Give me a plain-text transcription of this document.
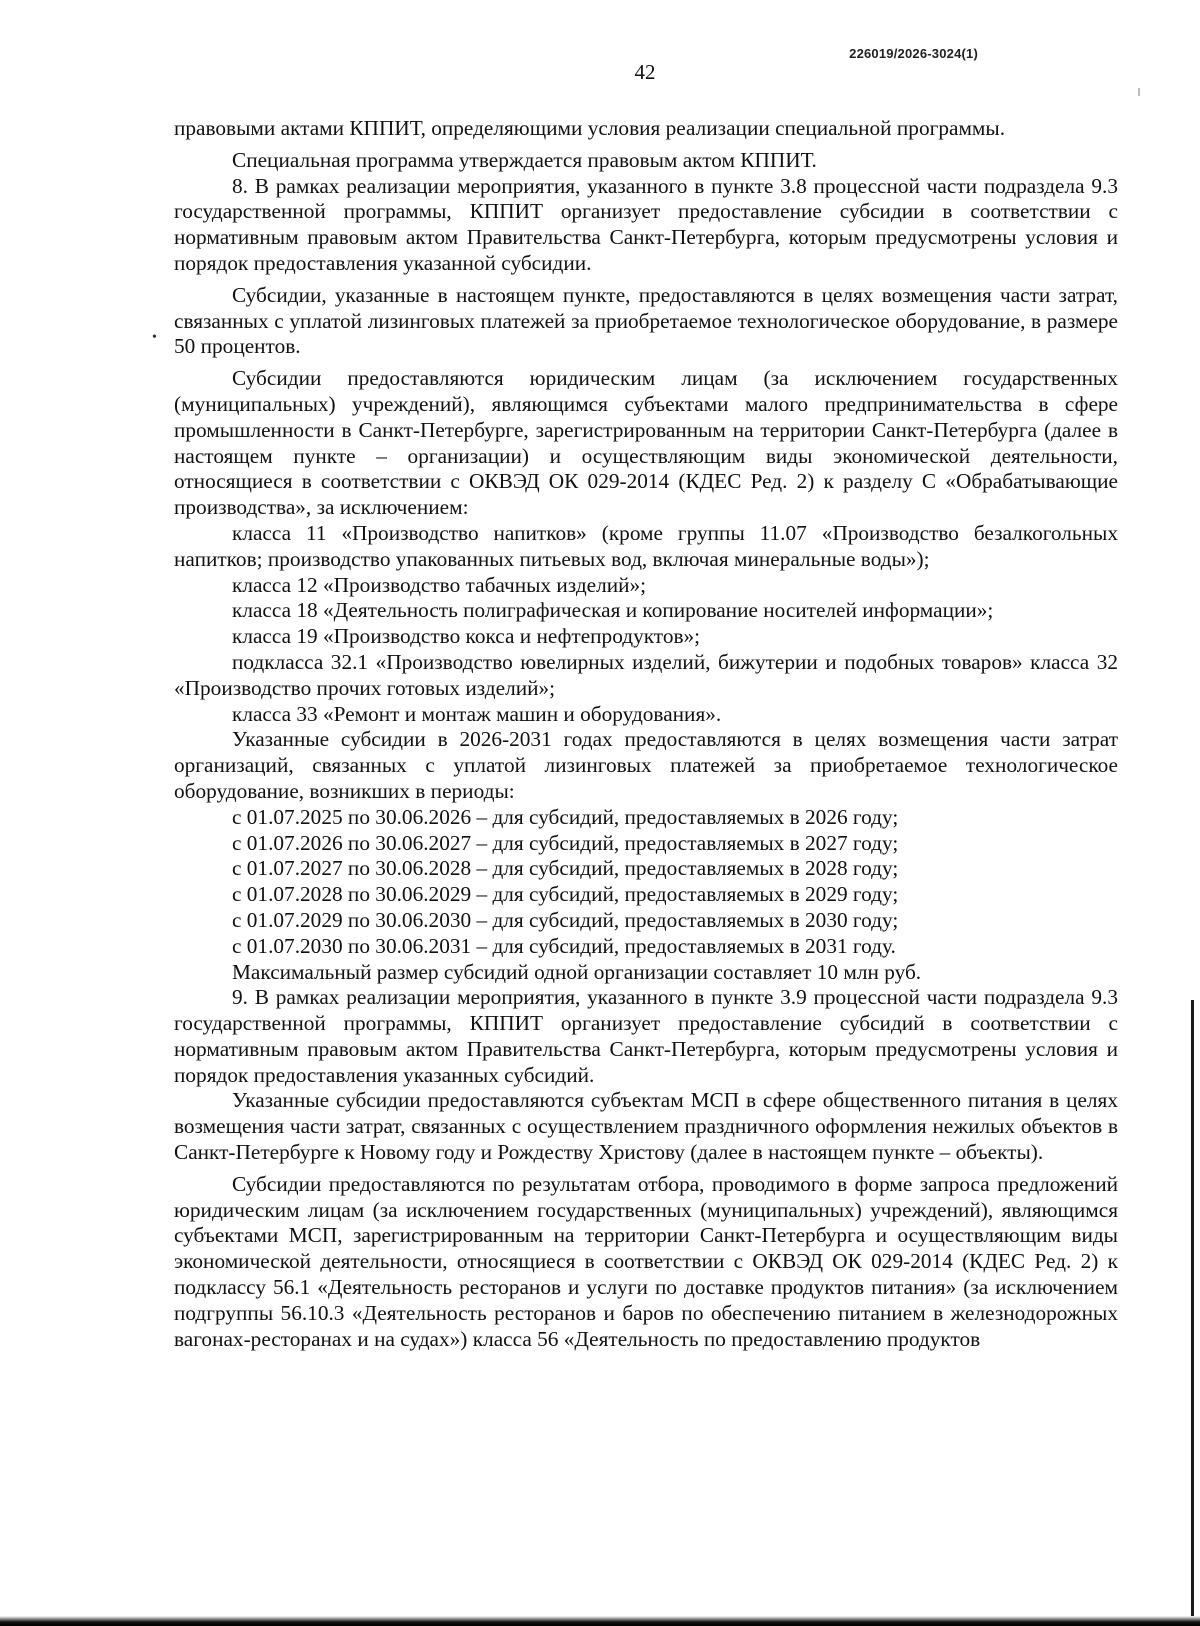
226019/2026-3024(1)
42
•

правовыми актами КППИТ, определяющими условия реализации специальной программы.

Специальная программа утверждается правовым актом КППИТ.

8. В рамках реализации мероприятия, указанного в пункте 3.8 процессной части подраздела 9.3 государственной программы, КППИТ организует предоставление субсидии в соответствии с нормативным правовым актом Правительства Санкт-Петербурга, которым предусмотрены условия и порядок предоставления указанной субсидии.

Субсидии, указанные в настоящем пункте, предоставляются в целях возмещения части затрат, связанных с уплатой лизинговых платежей за приобретаемое технологическое оборудование, в размере 50 процентов.

Субсидии предоставляются юридическим лицам (за исключением государственных (муниципальных) учреждений), являющимся субъектами малого предпринимательства в сфере промышленности в Санкт-Петербурге, зарегистрированным на территории Санкт-Петербурга (далее в настоящем пункте – организации) и осуществляющим виды экономической деятельности, относящиеся в соответствии с ОКВЭД ОК 029-2014 (КДЕС Ред. 2) к разделу С «Обрабатывающие производства», за исключением:

класса 11 «Производство напитков» (кроме группы 11.07 «Производство безалкогольных напитков; производство упакованных питьевых вод, включая минеральные воды»);

класса 12 «Производство табачных изделий»;

класса 18 «Деятельность полиграфическая и копирование носителей информации»;

класса 19 «Производство кокса и нефтепродуктов»;

подкласса 32.1 «Производство ювелирных изделий, бижутерии и подобных товаров» класса 32 «Производство прочих готовых изделий»;

класса 33 «Ремонт и монтаж машин и оборудования».

Указанные субсидии в 2026-2031 годах предоставляются в целях возмещения части затрат организаций, связанных с уплатой лизинговых платежей за приобретаемое технологическое оборудование, возникших в периоды:

с 01.07.2025 по 30.06.2026 – для субсидий, предоставляемых в 2026 году;

с 01.07.2026 по 30.06.2027 – для субсидий, предоставляемых в 2027 году;

с 01.07.2027 по 30.06.2028 – для субсидий, предоставляемых в 2028 году;

с 01.07.2028 по 30.06.2029 – для субсидий, предоставляемых в 2029 году;

с 01.07.2029 по 30.06.2030 – для субсидий, предоставляемых в 2030 году;

с 01.07.2030 по 30.06.2031 – для субсидий, предоставляемых в 2031 году.

Максимальный размер субсидий одной организации составляет 10 млн руб.

9. В рамках реализации мероприятия, указанного в пункте 3.9 процессной части подраздела 9.3 государственной программы, КППИТ организует предоставление субсидий в соответствии с нормативным правовым актом Правительства Санкт-Петербурга, которым предусмотрены условия и порядок предоставления указанных субсидий.

Указанные субсидии предоставляются субъектам МСП в сфере общественного питания в целях возмещения части затрат, связанных с осуществлением праздничного оформления нежилых объектов в Санкт-Петербурге к Новому году и Рождеству Христову (далее в настоящем пункте – объекты).

Субсидии предоставляются по результатам отбора, проводимого в форме запроса предложений юридическим лицам (за исключением государственных (муниципальных) учреждений), являющимся субъектами МСП, зарегистрированным на территории Санкт-Петербурга и осуществляющим виды экономической деятельности, относящиеся в соответствии с ОКВЭД ОК 029-2014 (КДЕС Ред. 2) к подклассу 56.1 «Деятельность ресторанов и услуги по доставке продуктов питания» (за исключением подгруппы 56.10.3 «Деятельность ресторанов и баров по обеспечению питанием в железнодорожных вагонах-ресторанах и на судах») класса 56 «Деятельность по предоставлению продуктов
